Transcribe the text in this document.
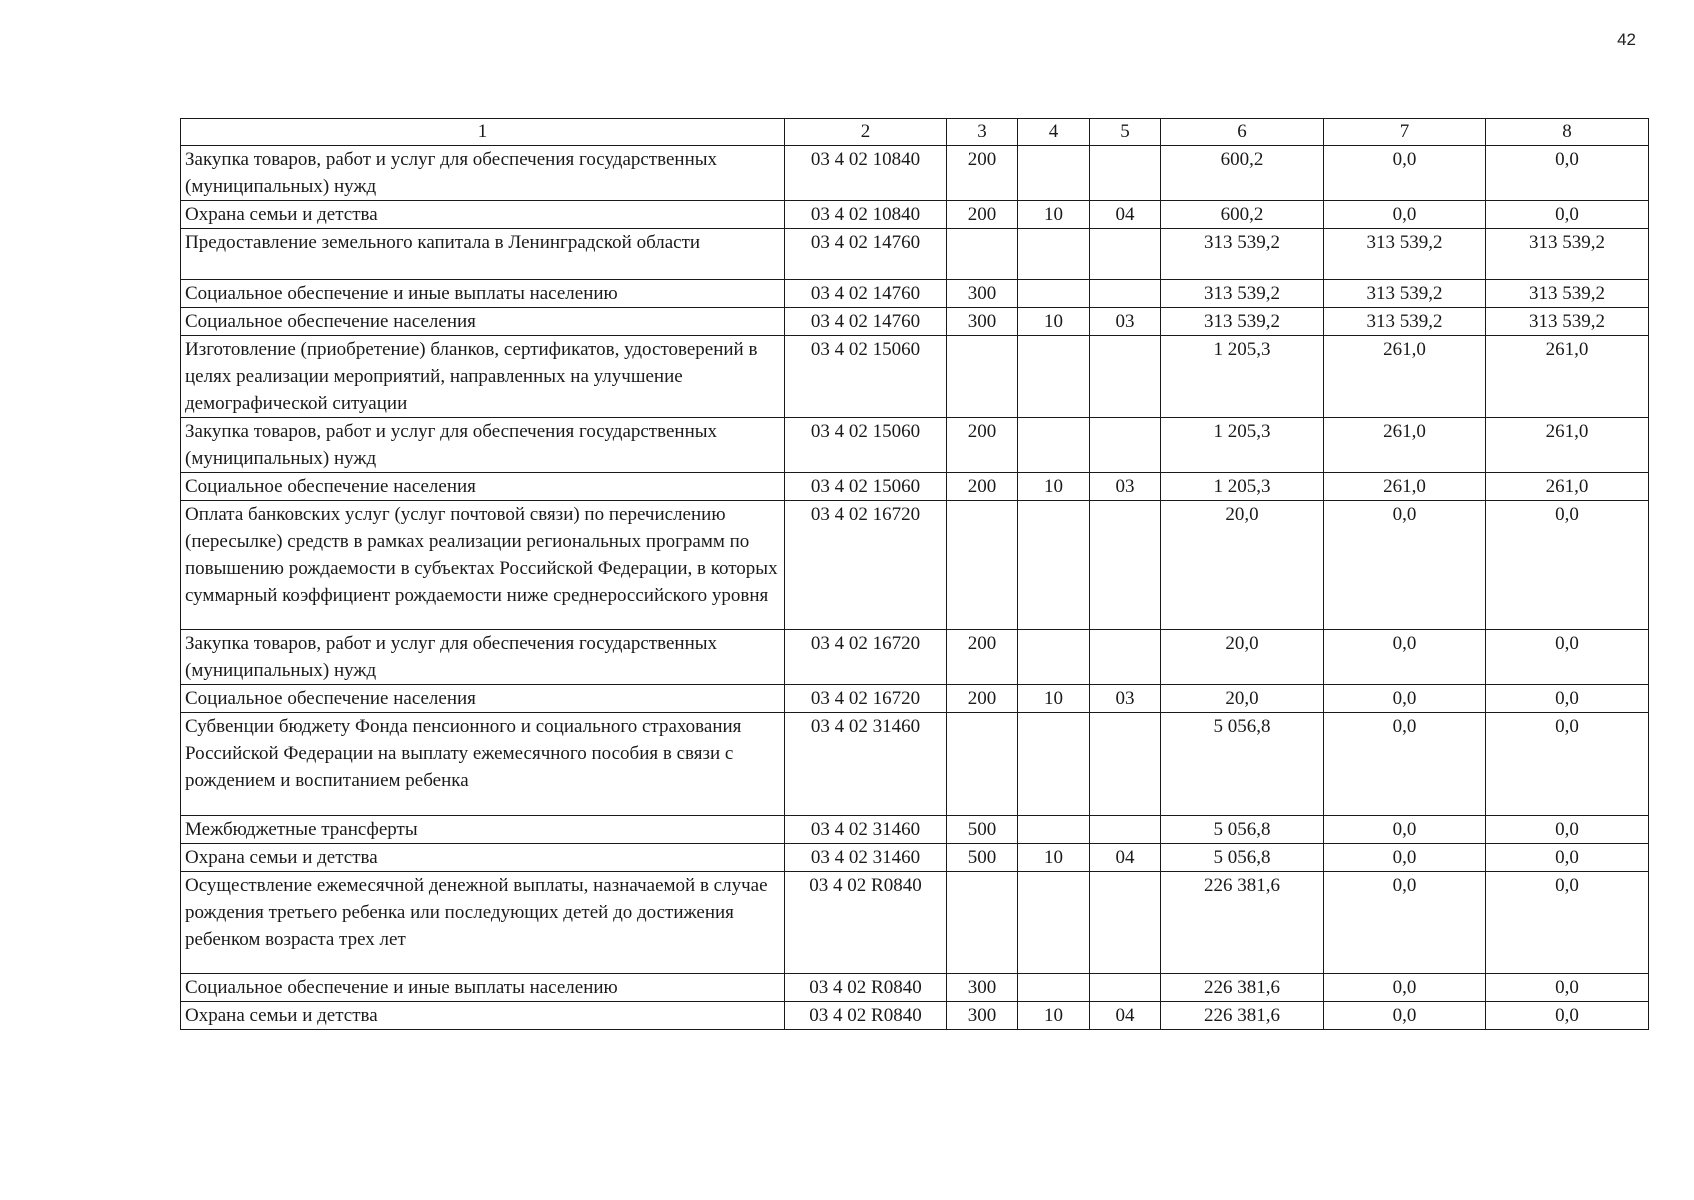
42
1	2	3	4	5	6	7	8
Закупка товаров, работ и услуг для обеспечения государственных (муниципальных) нужд	03 4 02 10840	200			600,2	0,0	0,0
Охрана семьи и детства	03 4 02 10840	200	10	04	600,2	0,0	0,0
Предоставление земельного капитала в Ленинградской области	03 4 02 14760				313 539,2	313 539,2	313 539,2
Социальное обеспечение и иные выплаты населению	03 4 02 14760	300			313 539,2	313 539,2	313 539,2
Социальное обеспечение населения	03 4 02 14760	300	10	03	313 539,2	313 539,2	313 539,2
Изготовление (приобретение) бланков, сертификатов, удостоверений в целях реализации мероприятий, направленных на улучшение демографической ситуации	03 4 02 15060				1 205,3	261,0	261,0
Закупка товаров, работ и услуг для обеспечения государственных (муниципальных) нужд	03 4 02 15060	200			1 205,3	261,0	261,0
Социальное обеспечение населения	03 4 02 15060	200	10	03	1 205,3	261,0	261,0
Оплата банковских услуг (услуг почтовой связи) по перечислению (пересылке) средств в рамках реализации региональных программ по повышению рождаемости в субъектах Российской Федерации, в которых суммарный коэффициент рождаемости ниже среднероссийского уровня	03 4 02 16720				20,0	0,0	0,0
Закупка товаров, работ и услуг для обеспечения государственных (муниципальных) нужд	03 4 02 16720	200			20,0	0,0	0,0
Социальное обеспечение населения	03 4 02 16720	200	10	03	20,0	0,0	0,0
Субвенции бюджету Фонда пенсионного и социального страхования Российской Федерации на выплату ежемесячного пособия в связи с рождением и воспитанием ребенка	03 4 02 31460				5 056,8	0,0	0,0
Межбюджетные трансферты	03 4 02 31460	500			5 056,8	0,0	0,0
Охрана семьи и детства	03 4 02 31460	500	10	04	5 056,8	0,0	0,0
Осуществление ежемесячной денежной выплаты, назначаемой в случае рождения третьего ребенка или последующих детей до достижения ребенком возраста трех лет	03 4 02 R0840				226 381,6	0,0	0,0
Социальное обеспечение и иные выплаты населению	03 4 02 R0840	300			226 381,6	0,0	0,0
Охрана семьи и детства	03 4 02 R0840	300	10	04	226 381,6	0,0	0,0
